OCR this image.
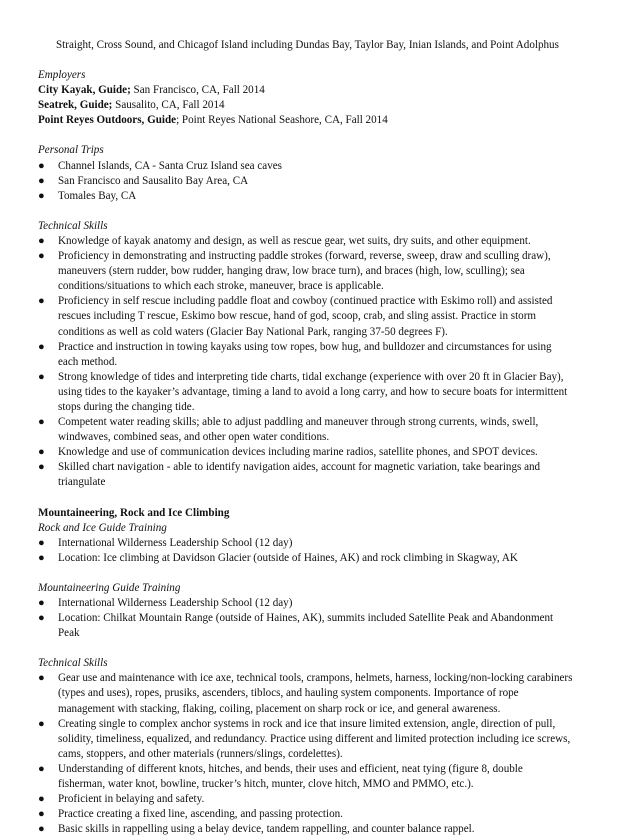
Straight, Cross Sound, and Chicagof Island including Dundas Bay, Taylor Bay, Inian Islands, and Point Adolphus

Employers

City Kayak, Guide; San Francisco, CA, Fall 2014

Seatrek, Guide; Sausalito, CA, Fall 2014

Point Reyes Outdoors, Guide; Point Reyes National Seashore, CA, Fall 2014

Personal Trips

●	Channel Islands, CA - Santa Cruz Island sea caves
●	San Francisco and Sausalito Bay Area, CA
●	Tomales Bay, CA

Technical Skills

●	Knowledge of kayak anatomy and design, as well as rescue gear, wet suits, dry suits, and other equipment.
●	Proficiency in demonstrating and instructing paddle strokes (forward, reverse, sweep, draw and sculling draw),
maneuvers (stern rudder, bow rudder, hanging draw, low brace turn), and braces (high, low, sculling); sea
conditions/situations to which each stroke, maneuver, brace is applicable.
●	Proficiency in self rescue including paddle float and cowboy (continued practice with Eskimo roll) and assisted
rescues including T rescue, Eskimo bow rescue, hand of god, scoop, crab, and sling assist. Practice in storm
conditions as well as cold waters (Glacier Bay National Park, ranging 37-50 degrees F).
●	Practice and instruction in towing kayaks using tow ropes, bow hug, and bulldozer and circumstances for using
each method.
●	Strong knowledge of tides and interpreting tide charts, tidal exchange (experience with over 20 ft in Glacier Bay),
using tides to the kayaker’s advantage, timing a land to avoid a long carry, and how to secure boats for intermittent
stops during the changing tide.
●	Competent water reading skills; able to adjust paddling and maneuver through strong currents, winds, swell,
windwaves, combined seas, and other open water conditions.
●	Knowledge and use of communication devices including marine radios, satellite phones, and SPOT devices.
●	Skilled chart navigation - able to identify navigation aides, account for magnetic variation, take bearings and
triangulate

Mountaineering, Rock and Ice Climbing

Rock and Ice Guide Training

●	International Wilderness Leadership School (12 day)
●	Location: Ice climbing at Davidson Glacier (outside of Haines, AK) and rock climbing in Skagway, AK

Mountaineering Guide Training

●	International Wilderness Leadership School (12 day)
●	Location: Chilkat Mountain Range (outside of Haines, AK), summits included Satellite Peak and Abandonment
Peak

Technical Skills

●	Gear use and maintenance with ice axe, technical tools, crampons, helmets, harness, locking/non-locking carabiners
(types and uses), ropes, prusiks, ascenders, tiblocs, and hauling system components. Importance of rope
management with stacking, flaking, coiling, placement on sharp rock or ice, and general awareness.
●	Creating single to complex anchor systems in rock and ice that insure limited extension, angle, direction of pull,
solidity, timeliness, equalized, and redundancy. Practice using different and limited protection including ice screws,
cams, stoppers, and other materials (runners/slings, cordelettes).
●	Understanding of different knots, hitches, and bends, their uses and efficient, neat tying (figure 8, double
fisherman, water knot, bowline, trucker’s hitch, munter, clove hitch, MMO and PMMO, etc.).
●	Proficient in belaying and safety.
●	Practice creating a fixed line, ascending, and passing protection.
●	Basic skills in rappelling using a belay device, tandem rappelling, and counter balance rappel.
